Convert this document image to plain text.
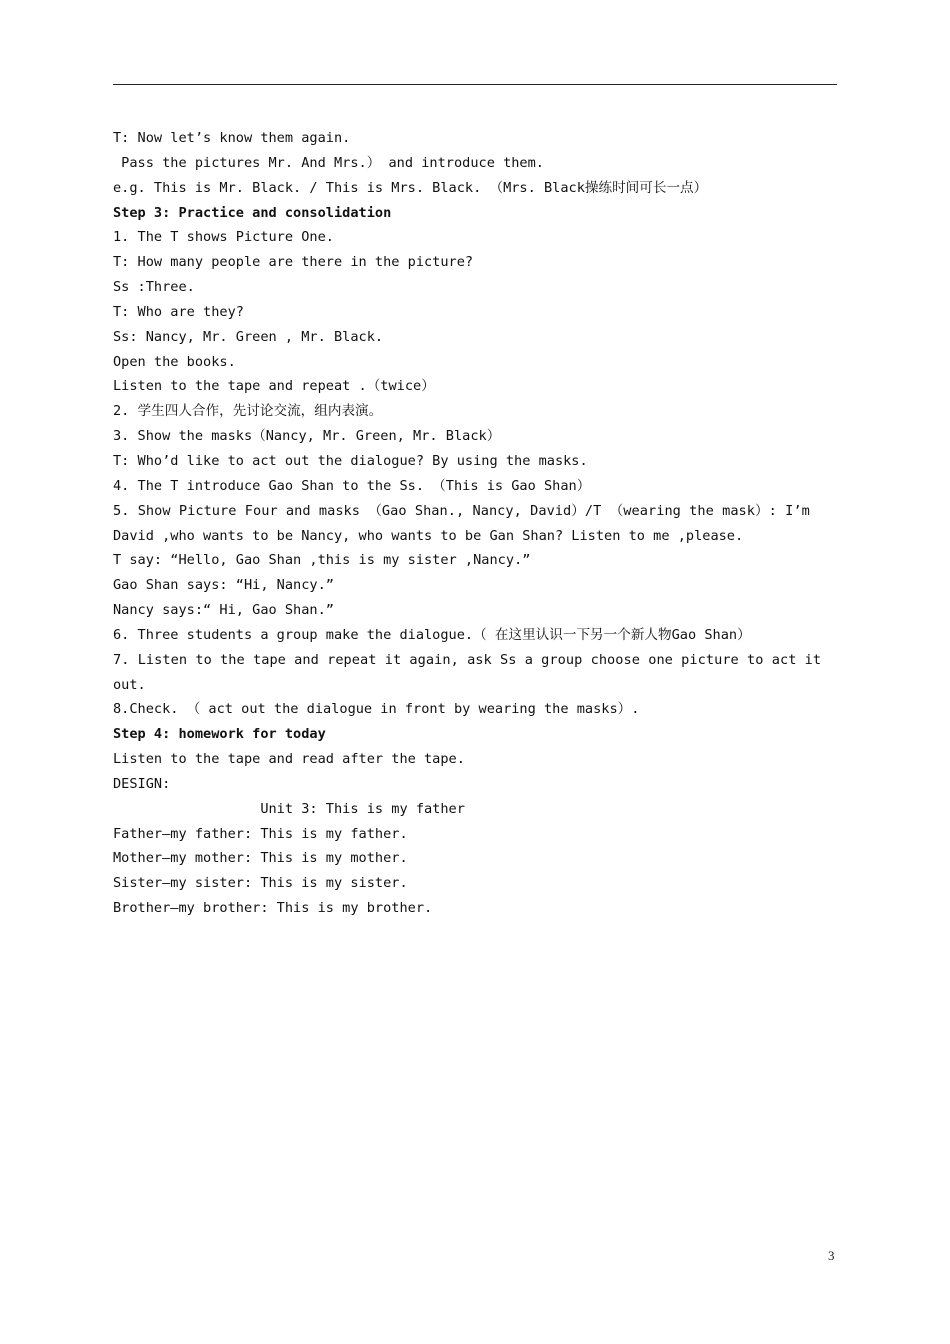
T: Now let’s know them again.
Pass the pictures Mr. And Mrs.） and introduce them.
e.g. This is Mr. Black. / This is Mrs. Black. （Mrs. Black操练时间可长一点）
Step 3: Practice and consolidation
1. The T shows Picture One.
T: How many people are there in the picture?
Ss :Three.
T: Who are they?
Ss: Nancy, Mr. Green , Mr. Black.
Open the books.
Listen to the tape and repeat .（twice）
2. 学生四人合作，先讨论交流，组内表演。
3. Show the masks（Nancy, Mr. Green, Mr. Black）
T: Who’d like to act out the dialogue? By using the masks.
4. The T introduce Gao Shan to the Ss. （This is Gao Shan）
5. Show Picture Four and masks （Gao Shan., Nancy, David）/T （wearing the mask）: I’m
David ,who wants to be Nancy, who wants to be Gan Shan? Listen to me ,please.
T say: “Hello, Gao Shan ,this is my sister ,Nancy.”
Gao Shan says: “Hi, Nancy.”
Nancy says:“ Hi, Gao Shan.”
6. Three students a group make the dialogue.（ 在这里认识一下另一个新人物Gao Shan）
7. Listen to the tape and repeat it again, ask Ss a group choose one picture to act it
out.
8.Check. （ act out the dialogue in front by wearing the masks）.
Step 4: homework for today
Listen to the tape and read after the tape.
DESIGN:
Unit 3: This is my father
Father—my father: This is my father.
Mother—my mother: This is my mother.
Sister—my sister: This is my sister.
Brother—my brother: This is my brother.
3
